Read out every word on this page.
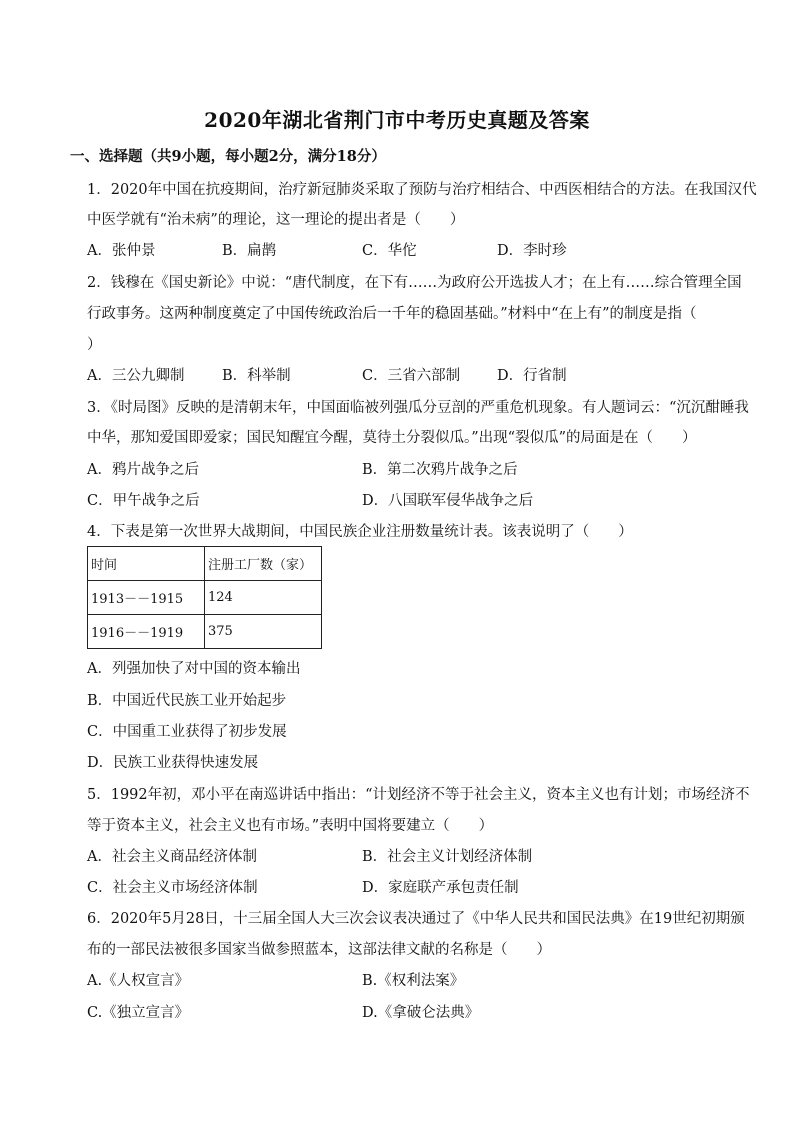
2020年湖北省荆门市中考历史真题及答案
一、选择题（共9小题，每小题2分，满分18分）
1．2020年中国在抗疫期间，治疗新冠肺炎采取了预防与治疗相结合、中西医相结合的方法。在我国汉代
中医学就有“治未病”的理论，这一理论的提出者是（　　）
A．张仲景	B．扁鹊	C．华佗	D．李时珍
2．钱穆在《国史新论》中说：“唐代制度，在下有……为政府公开选拔人才；在上有……综合管理全国
行政事务。这两种制度奠定了中国传统政治后一千年的稳固基础。”材料中“在上有”的制度是指（
）
A．三公九卿制	B．科举制	C．三省六部制	D．行省制
3．《时局图》反映的是清朝末年，中国面临被列强瓜分豆剖的严重危机现象。有人题词云：“沉沉酣睡我
中华，那知爱国即爱家；国民知醒宜今醒，莫待土分裂似瓜。”出现“裂似瓜”的局面是在（　　）
A．鸦片战争之后	B．第二次鸦片战争之后
C．甲午战争之后	D．八国联军侵华战争之后
4．下表是第一次世界大战期间，中国民族企业注册数量统计表。该表说明了（　　）
时间	注册工厂数（家）
1913－－1915	124
1916－－1919	375
A．列强加快了对中国的资本输出
B．中国近代民族工业开始起步
C．中国重工业获得了初步发展
D．民族工业获得快速发展
5．1992年初，邓小平在南巡讲话中指出：“计划经济不等于社会主义，资本主义也有计划；市场经济不
等于资本主义，社会主义也有市场。”表明中国将要建立（　　）
A．社会主义商品经济体制	B．社会主义计划经济体制
C．社会主义市场经济体制	D．家庭联产承包责任制
6．2020年5月28日，十三届全国人大三次会议表决通过了《中华人民共和国民法典》在19世纪初期颁
布的一部民法被很多国家当做参照蓝本，这部法律文献的名称是（　　）
A.《人权宣言》	B.《权利法案》
C.《独立宣言》	D.《拿破仑法典》
